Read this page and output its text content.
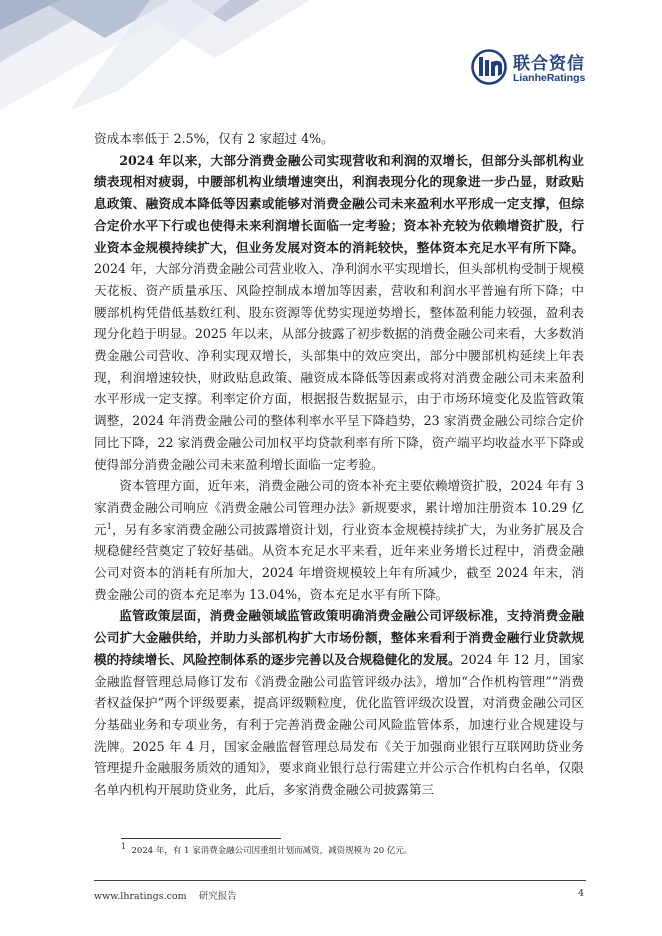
联合资信
LianheRatings

资成本率低于 2.5%，仅有 2 家超过 4%。

2024 年以来，大部分消费金融公司实现营收和利润的双增长，但部分头部机构业绩表现相对疲弱，中腰部机构业绩增速突出，利润表现分化的现象进一步凸显，财政贴息政策、融资成本降低等因素或能够对消费金融公司未来盈利水平形成一定支撑，但综合定价水平下行或也使得未来利润增长面临一定考验；资本补充较为依赖增资扩股，行业资本金规模持续扩大，但业务发展对资本的消耗较快，整体资本充足水平有所下降。2024 年，大部分消费金融公司营业收入、净利润水平实现增长，但头部机构受制于规模天花板、资产质量承压、风险控制成本增加等因素，营收和利润水平普遍有所下降；中腰部机构凭借低基数红利、股东资源等优势实现逆势增长，整体盈利能力较强，盈利表现分化趋于明显。2025 年以来，从部分披露了初步数据的消费金融公司来看，大多数消费金融公司营收、净利实现双增长，头部集中的效应突出，部分中腰部机构延续上年表现，利润增速较快，财政贴息政策、融资成本降低等因素或将对消费金融公司未来盈利水平形成一定支撑。利率定价方面，根据报告数据显示，由于市场环境变化及监管政策调整，2024 年消费金融公司的整体利率水平呈下降趋势，23 家消费金融公司综合定价同比下降，22 家消费金融公司加权平均贷款利率有所下降，资产端平均收益水平下降或使得部分消费金融公司未来盈利增长面临一定考验。

资本管理方面，近年来，消费金融公司的资本补充主要依赖增资扩股，2024 年有 3 家消费金融公司响应《消费金融公司管理办法》新规要求，累计增加注册资本 10.29 亿元$^1$，另有多家消费金融公司披露增资计划，行业资本金规模持续扩大，为业务扩展及合规稳健经营奠定了较好基础。从资本充足水平来看，近年来业务增长过程中，消费金融公司对资本的消耗有所加大，2024 年增资规模较上年有所减少，截至 2024 年末，消费金融公司的资本充足率为 13.04%，资本充足水平有所下降。

监管政策层面，消费金融领域监管政策明确消费金融公司评级标准，支持消费金融公司扩大金融供给，并助力头部机构扩大市场份额，整体来看利于消费金融行业贷款规模的持续增长、风险控制体系的逐步完善以及合规稳健化的发展。2024 年 12 月，国家金融监督管理总局修订发布《消费金融公司监管评级办法》，增加“合作机构管理”“消费者权益保护”两个评级要素，提高评级颗粒度，优化监管评级次设置，对消费金融公司区分基础业务和专项业务，有利于完善消费金融公司风险监管体系，加速行业合规建设与洗牌。2025 年 4 月，国家金融监督管理总局发布《关于加强商业银行互联网助贷业务管理提升金融服务质效的通知》，要求商业银行总行需建立并公示合作机构白名单，仅限名单内机构开展助贷业务，此后，多家消费金融公司披露第三

1 2024 年，有 1 家消费金融公司因重组计划而减资，减资规模为 20 亿元。
www.lhratings.com 研究报告	4
